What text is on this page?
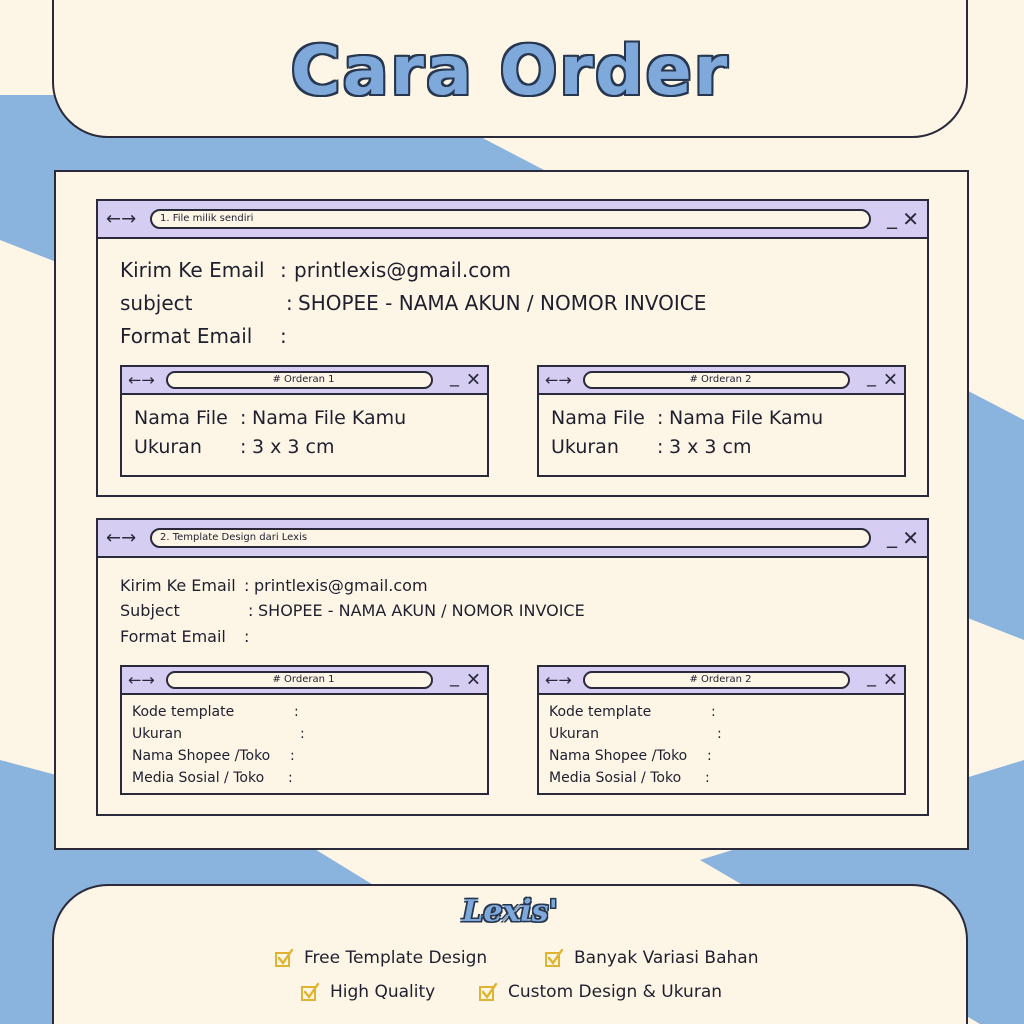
Cara Order
←→	1. File milik sendiri	_ ✕
Kirim Ke Email : printlexis@gmail.com
subject	: SHOPEE - NAMA AKUN / NOMOR INVOICE
Format Email :
←→	# Orderan 1	_ ✕
Nama File : Nama File Kamu
Ukuran : 3 x 3 cm
←→	# Orderan 2	_ ✕
Nama File : Nama File Kamu
Ukuran : 3 x 3 cm
←→	2. Template Design dari Lexis	_ ✕
Kirim Ke Email : printlexis@gmail.com
Subject	: SHOPEE - NAMA AKUN / NOMOR INVOICE
Format Email :
←→	# Orderan 1	_ ✕
Kode template	:
Ukuran	:
Nama Shopee /Toko :
Media Sosial / Toko :
←→	# Orderan 2	_ ✕
Kode template	:
Ukuran	:
Nama Shopee /Toko :
Media Sosial / Toko :
Lexis'
Free Template Design	Banyak Variasi Bahan
High Quality	Custom Design & Ukuran
